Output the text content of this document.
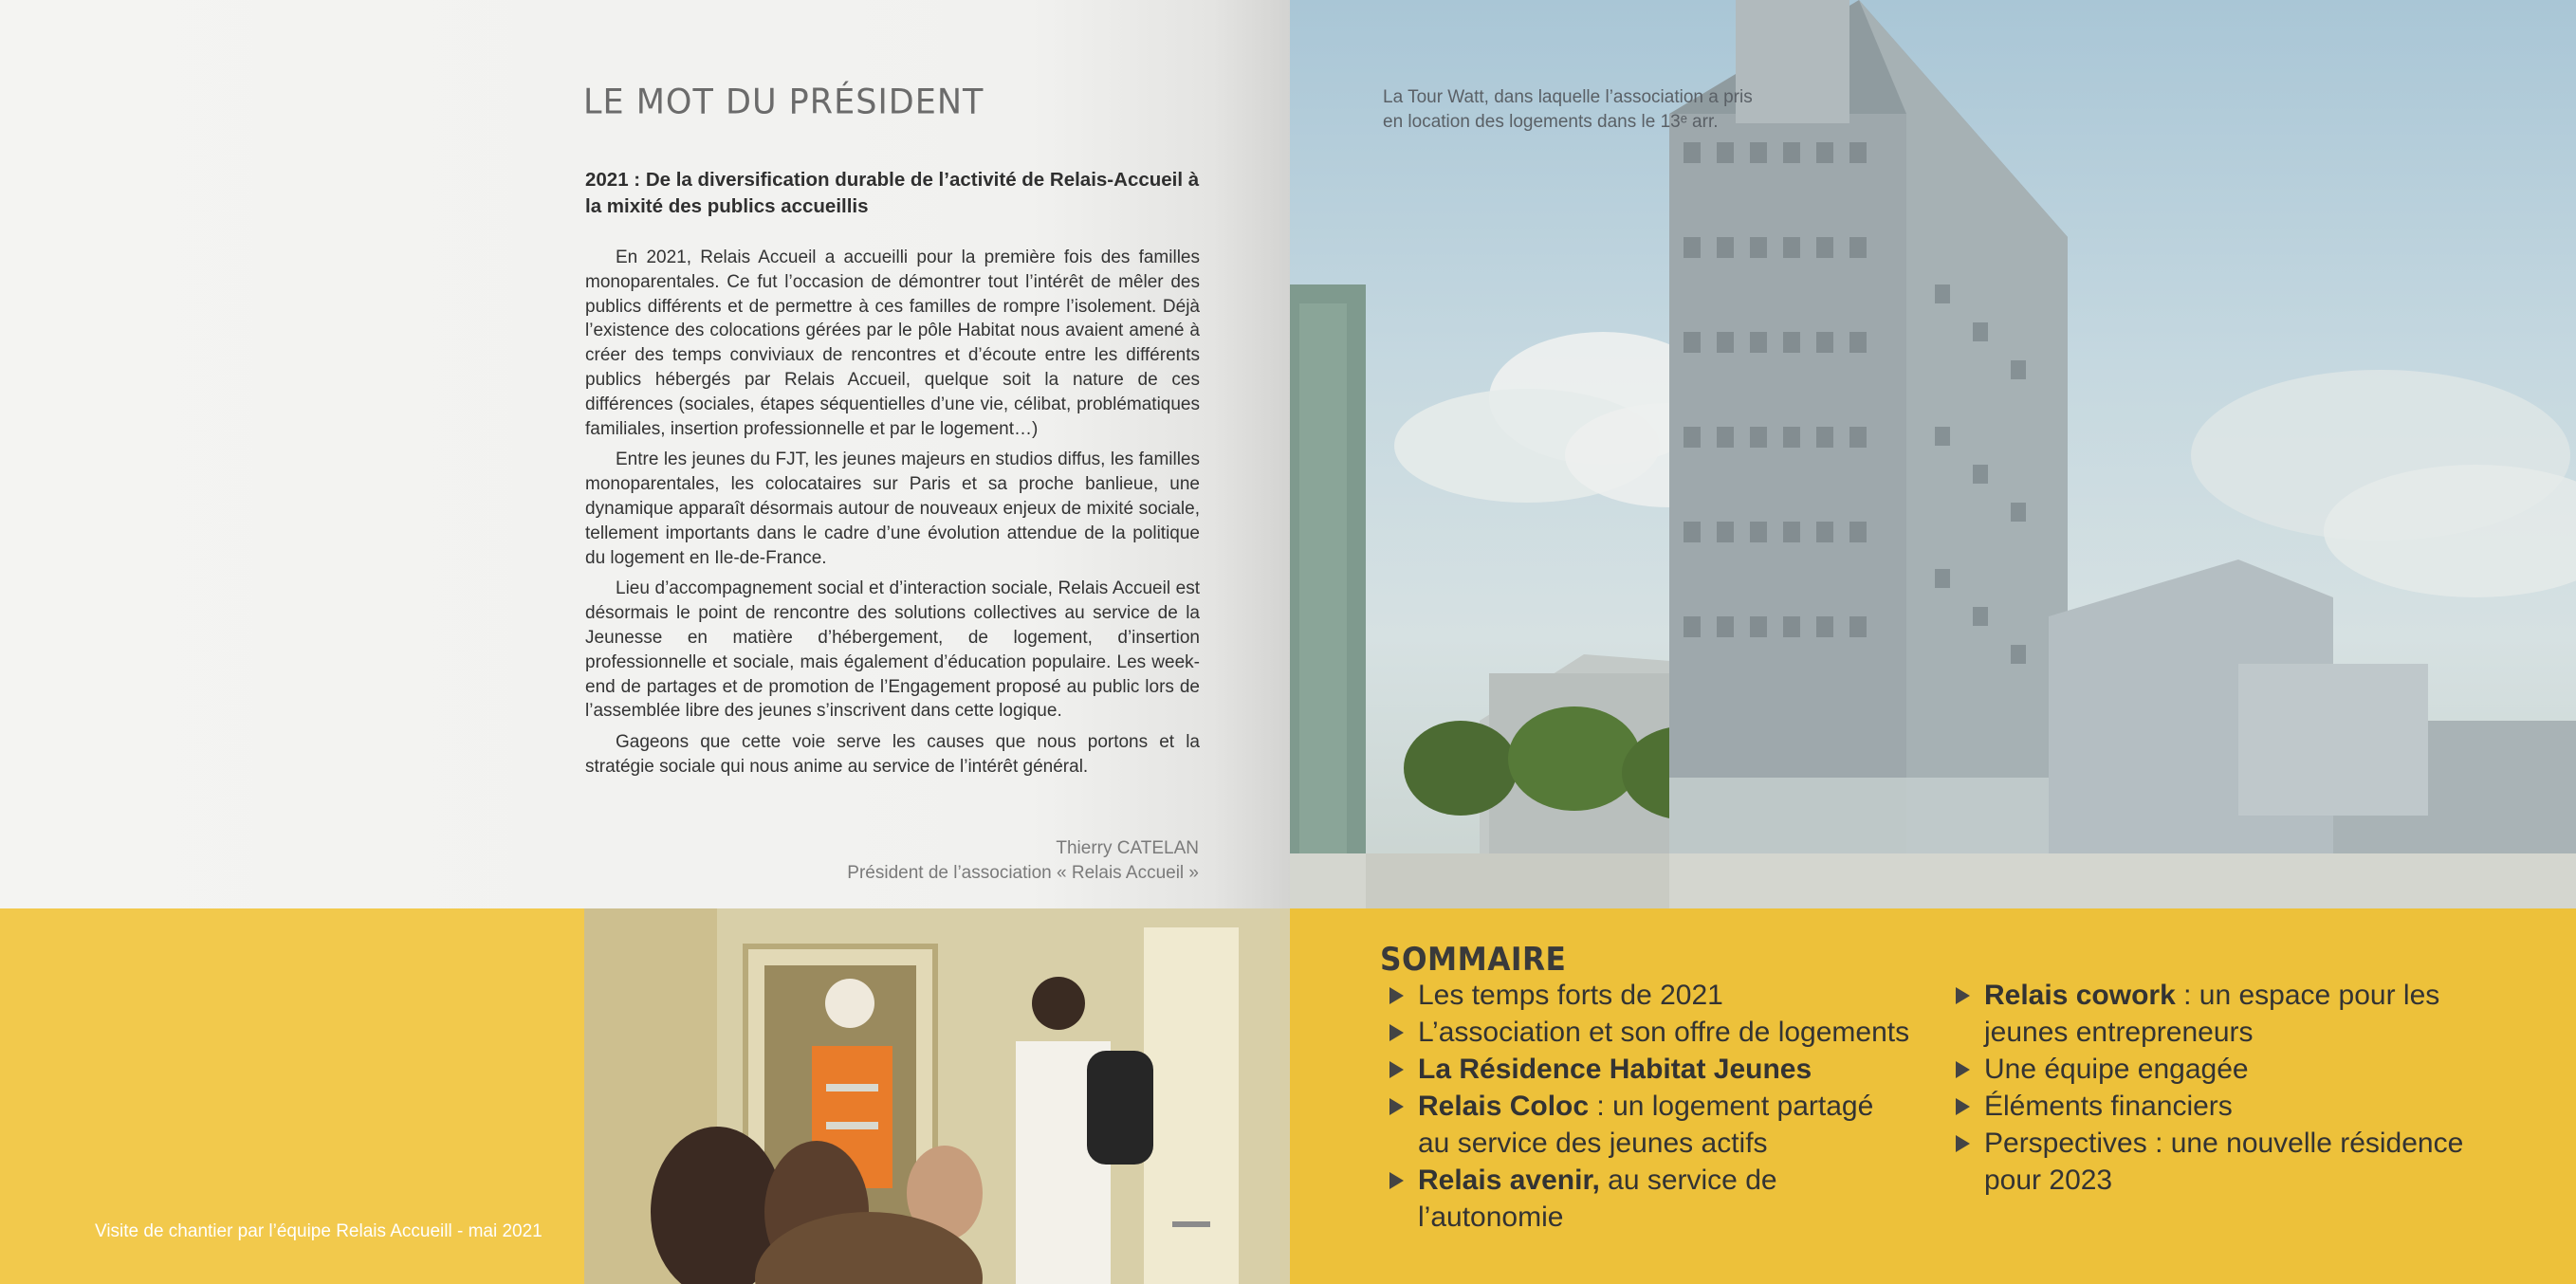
LE MOT DU PRÉSIDENT
2021 : De la diversification durable de l’activité de Relais-Accueil à la mixité des publics accueillis

En 2021, Relais Accueil a accueilli pour la première fois des familles monoparentales. Ce fut l’occasion de démontrer tout l’intérêt de mêler des publics différents et de permettre à ces familles de rompre l’isolement. Déjà l’existence des colocations gérées par le pôle Habitat nous avaient amené à créer des temps conviviaux de rencontres et d’écoute entre les différents publics hébergés par Relais Accueil, quelque soit la nature de ces différences (sociales, étapes séquentielles d’une vie, célibat, problématiques familiales, insertion professionnelle et par le logement…)

Entre les jeunes du FJT, les jeunes majeurs en studios diffus, les familles monoparentales, les colocataires sur Paris et sa proche banlieue, une dynamique apparaît désormais autour de nouveaux enjeux de mixité sociale, tellement importants dans le cadre d’une évolution attendue de la politique du logement en Ile-de-France.

Lieu d’accompagnement social et d’interaction sociale, Relais Accueil est désormais le point de rencontre des solutions collectives au service de la Jeunesse en matière d’hébergement, de logement, d’insertion professionnelle et sociale, mais également d’éducation populaire. Les week-end de partages et de promotion de l’Engagement proposé au public lors de l’assemblée libre des jeunes s’inscrivent dans cette logique.

Gageons que cette voie serve les causes que nous portons et la stratégie sociale qui nous anime au service de l’intérêt général.

Thierry CATELAN
Président de l’association « Relais Accueil »
La Tour Watt, dans laquelle l’association a pris
en location des logements dans le 13ᵉ arr.
Visite de chantier par l’équipe Relais Accueill - mai 2021
SOMMAIRE
Les temps forts de 2021
L’association et son offre de logements
La Résidence Habitat Jeunes
Relais Coloc : un logement partagé au service des jeunes actifs
Relais avenir, au service de l’autonomie
Relais cowork : un espace pour les jeunes entrepreneurs
Une équipe engagée
Éléments financiers
Perspectives : une nouvelle résidence pour 2023
